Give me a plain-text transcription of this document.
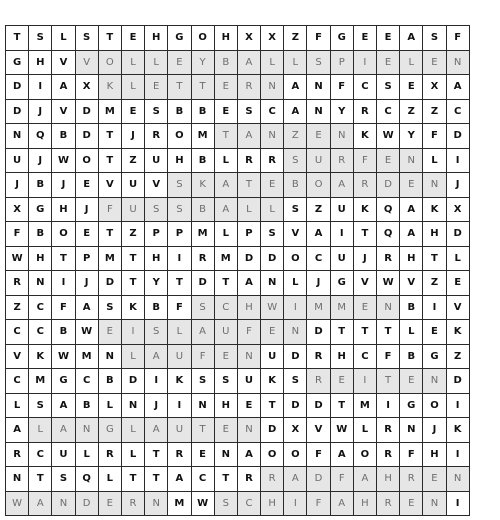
T	S	L	S	T	E	H	G	O	H	X	X	Z	F	G	E	E	A	S	F
G	H	V	V	O	L	L	E	Y	B	A	L	L	S	P	I	E	L	E	N
D	I	A	X	K	L	E	T	T	E	R	N	A	N	F	C	S	E	X	A
D	J	V	D	M	E	S	B	B	E	S	C	A	N	Y	R	C	Z	Z	C
N	Q	B	D	T	J	R	O	M	T	A	N	Z	E	N	K	W	Y	F	D
U	J	W	O	T	Z	U	H	B	L	R	R	S	U	R	F	E	N	L	I
J	B	J	E	V	U	V	S	K	A	T	E	B	O	A	R	D	E	N	J
X	G	H	J	F	U	S	S	B	A	L	L	S	Z	U	K	Q	A	K	X
F	B	O	E	T	Z	P	P	M	L	P	S	V	A	I	T	Q	A	H	D
W	H	T	P	M	T	H	I	R	M	D	D	O	C	U	J	R	H	T	L
R	N	I	J	D	T	Y	T	D	T	A	N	L	J	G	V	W	V	Z	E
Z	C	F	A	S	K	B	F	S	C	H	W	I	M	M	E	N	B	I	V
C	C	B	W	E	I	S	L	A	U	F	E	N	D	T	T	T	L	E	K
V	K	W	M	N	L	A	U	F	E	N	U	D	R	H	C	F	B	G	Z
C	M	G	C	B	D	I	K	S	S	U	K	S	R	E	I	T	E	N	D
L	S	A	B	L	N	J	I	N	H	E	T	D	D	T	M	I	G	O	I
A	L	A	N	G	L	A	U	T	E	N	D	X	V	W	L	R	N	J	K
R	C	U	L	R	L	T	R	E	N	A	O	O	F	A	O	R	F	H	I
N	T	S	Q	L	T	T	A	C	T	R	R	A	D	F	A	H	R	E	N
W	A	N	D	E	R	N	M	W	S	C	H	I	F	A	H	R	E	N	I
